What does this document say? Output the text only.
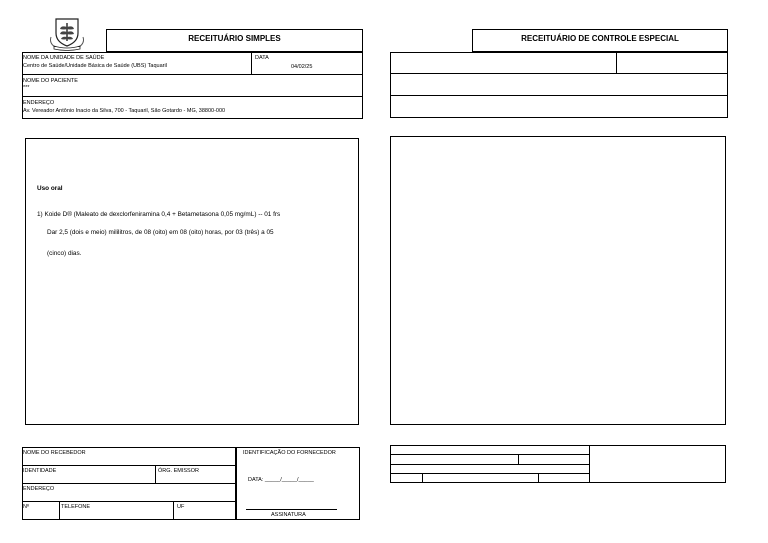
RECEITUÁRIO SIMPLES
NOME DA UNIDADE DE SAÚDE
Centro de Saúde/Unidade Básica de Saúde (UBS) Taquaril
DATA
04/02/25
NOME DO PACIENTE
***
ENDEREÇO
Av. Vereador Antônio Inacio da Silva, 700 - Taquaril, São Gotardo - MG, 38800-000
Uso oral
1) Koide D® (Maleato de dexclorfeniramina 0,4 + Betametasona 0,05 mg/mL) -- 01 frs
Dar 2,5 (dois e meio) mililitros, de 08 (oito) em 08 (oito) horas, por 03 (três) a 05
(cinco) dias.
RECEITUÁRIO DE CONTROLE ESPECIAL
NOME DO RECEBEDOR
IDENTIDADE	ÓRG. EMISSOR
ENDEREÇO
Nº	TELEFONE	UF
IDENTIFICAÇÃO DO FORNECEDOR
DATA: _____/_____/_____
ASSINATURA
